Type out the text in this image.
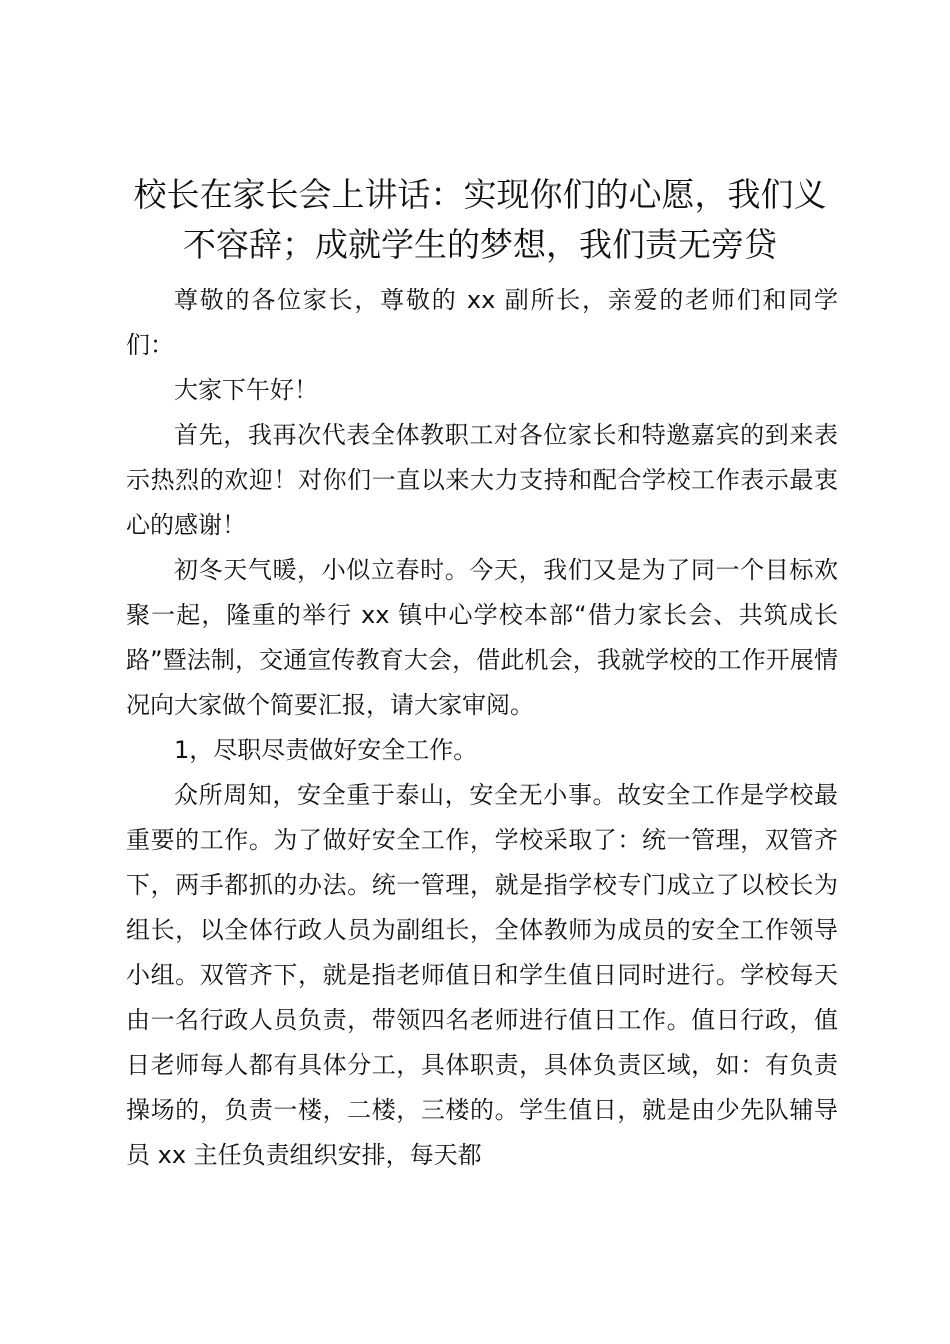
校长在家长会上讲话：实现你们的心愿，我们义不容辞；成就学生的梦想，我们责无旁贷

尊敬的各位家长，尊敬的 xx 副所长，亲爱的老师们和同学们：

大家下午好！

首先，我再次代表全体教职工对各位家长和特邀嘉宾的到来表示热烈的欢迎！对你们一直以来大力支持和配合学校工作表示最衷心的感谢！

初冬天气暖，小似立春时。今天，我们又是为了同一个目标欢聚一起，隆重的举行 xx 镇中心学校本部“借力家长会、共筑成长路”暨法制，交通宣传教育大会，借此机会，我就学校的工作开展情况向大家做个简要汇报，请大家审阅。

1，尽职尽责做好安全工作。

众所周知，安全重于泰山，安全无小事。故安全工作是学校最重要的工作。为了做好安全工作，学校采取了：统一管理，双管齐下，两手都抓的办法。统一管理，就是指学校专门成立了以校长为组长，以全体行政人员为副组长，全体教师为成员的安全工作领导小组。双管齐下，就是指老师值日和学生值日同时进行。学校每天由一名行政人员负责，带领四名老师进行值日工作。值日行政，值日老师每人都有具体分工，具体职责，具体负责区域，如：有负责操场的，负责一楼，二楼，三楼的。学生值日，就是由少先队辅导员 xx 主任负责组织安排，每天都
